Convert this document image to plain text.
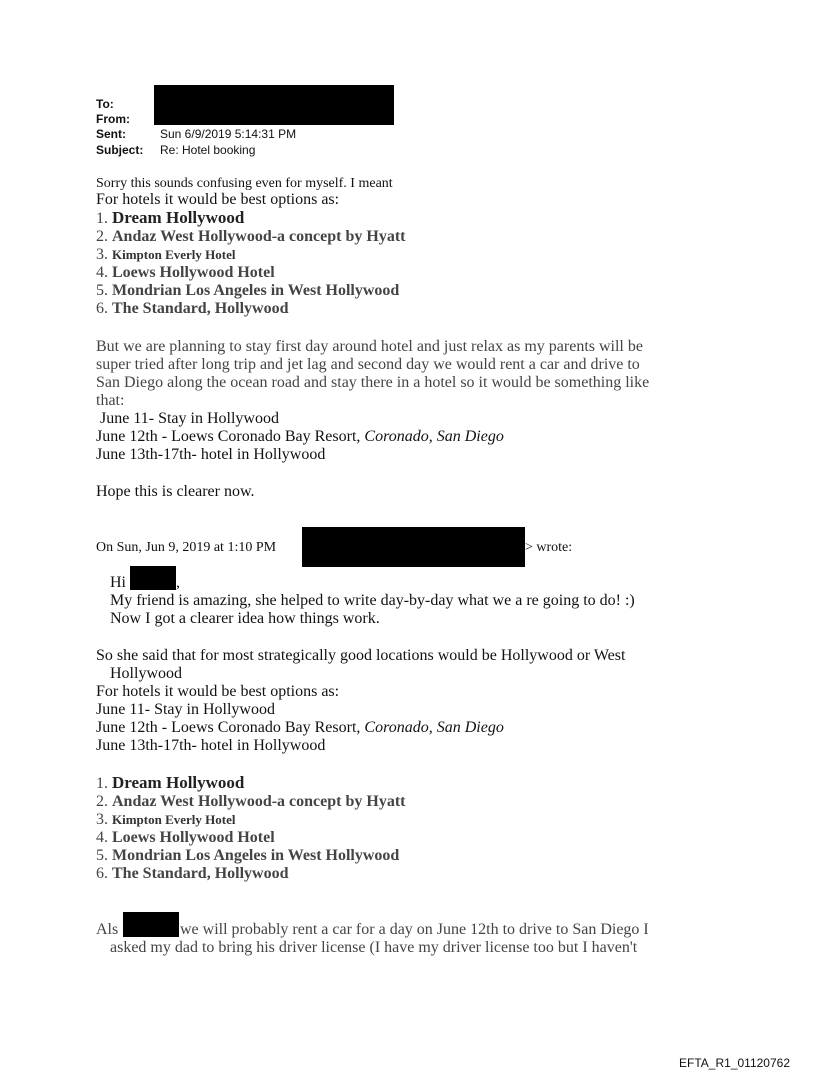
To:
From:
Sent:	Sun 6/9/2019 5:14:31 PM
Subject: Re: Hotel booking
Sorry this sounds confusing even for myself. I meant
For hotels it would be best options as:
1. Dream Hollywood
2. Andaz West Hollywood-a concept by Hyatt
3. Kimpton Everly Hotel
4. Loews Hollywood Hotel
5. Mondrian Los Angeles in West Hollywood
6. The Standard, Hollywood
But we are planning to stay first day around hotel and just relax as my parents will be
super tried after long trip and jet lag and second day we would rent a car and drive to
San Diego along the ocean road and stay there in a hotel so it would be something like
that:
June 11- Stay in Hollywood
June 12th - Loews Coronado Bay Resort, Coronado, San Diego
June 13th-17th- hotel in Hollywood
Hope this is clearer now.
On Sun, Jun 9, 2019 at 1:10 PM	> wrote:
Hi	,
My friend is amazing, she helped to write day-by-day what we a re going to do! :)
Now I got a clearer idea how things work.
So she said that for most strategically good locations would be Hollywood or West
Hollywood
For hotels it would be best options as:
June 11- Stay in Hollywood
June 12th - Loews Coronado Bay Resort, Coronado, San Diego
June 13th-17th- hotel in Hollywood
1. Dream Hollywood
2. Andaz West Hollywood-a concept by Hyatt
3. Kimpton Everly Hotel
4. Loews Hollywood Hotel
5. Mondrian Los Angeles in West Hollywood
6. The Standard, Hollywood
Als	we will probably rent a car for a day on June 12th to drive to San Diego I
asked my dad to bring his driver license (I have my driver license too but I haven't
EFTA_R1_01120762
